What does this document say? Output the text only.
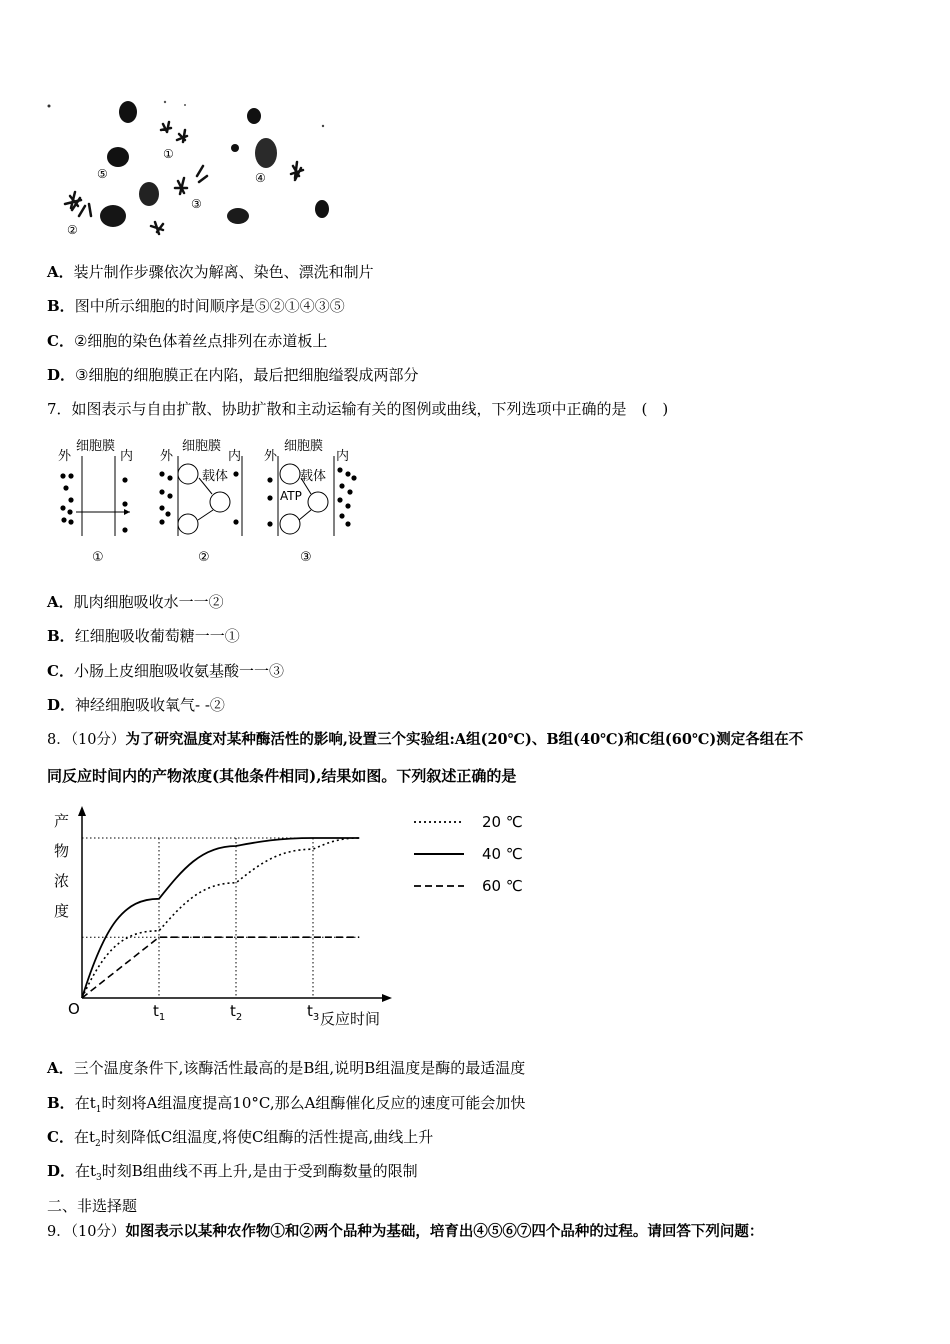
①
②
③
④
⑤
A．装片制作步骤依次为解离、染色、漂洗和制片
B．图中所示细胞的时间顺序是⑤②①④③⑤
C．②细胞的染色体着丝点排列在赤道板上
D．③细胞的细胞膜正在内陷，最后把细胞缢裂成两部分
7．如图表示与自由扩散、协助扩散和主动运输有关的图例或曲线，下列选项中正确的是　(　)
细胞膜
外	内
①
细胞膜
外	内
载体
②
细胞膜
外	内
载体
ATP
③
A．肌肉细胞吸收水一一②
B．红细胞吸收葡萄糖一一①
C．小肠上皮细胞吸收氨基酸一一③
D．神经细胞吸收氧气- -②
8．（10分）为了研究温度对某种酶活性的影响,设置三个实验组:A组(20℃)、B组(40℃)和C组(60℃)测定各组在不
同反应时间内的产物浓度(其他条件相同),结果如图。下列叙述正确的是
产
物
浓
度
反应时间
O	$t_1$	$t_2$	$t_3$
20 ℃
40 ℃
60 ℃
A．三个温度条件下,该酶活性最高的是B组,说明B组温度是酶的最适温度
B．在$t_1$时刻将A组温度提高10°C,那么A组酶催化反应的速度可能会加快
C．在$t_2$时刻降低C组温度,将使C组酶的活性提高,曲线上升
D．在$t_3$时刻B组曲线不再上升,是由于受到酶数量的限制
二、非选择题
9．（10分）如图表示以某种农作物①和②两个品种为基础，培育出④⑤⑥⑦四个品种的过程。请回答下列问题：
